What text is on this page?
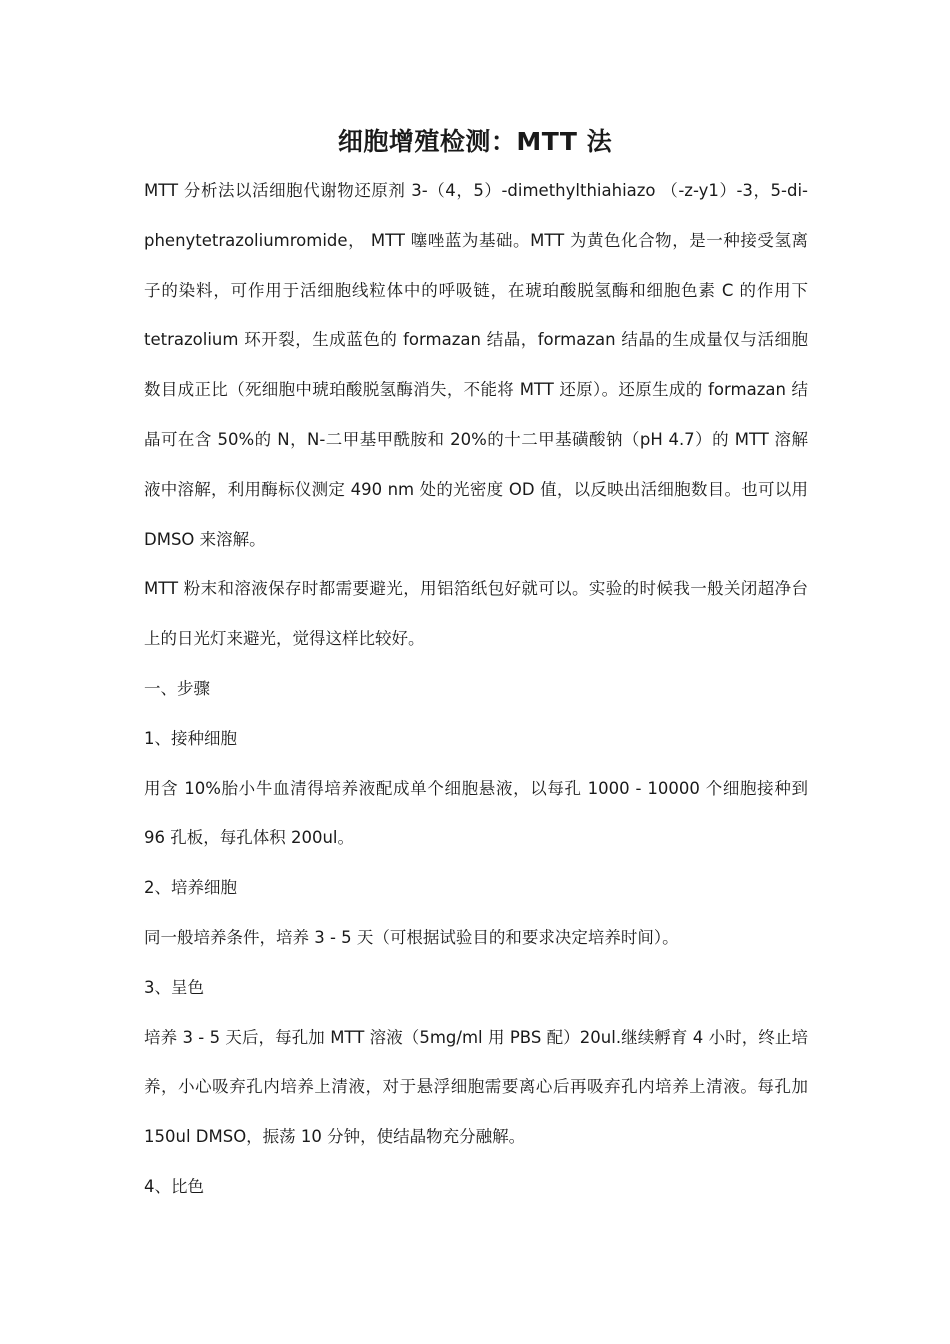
细胞增殖检测：MTT 法

MTT 分析法以活细胞代谢物还原剂 3-（4，5）-dimethylthiahiazo （-z-y1）-3，5-di-phenytetrazoliumromide， MTT 噻唑蓝为基础。MTT 为黄色化合物，是一种接受氢离子的染料，可作用于活细胞线粒体中的呼吸链，在琥珀酸脱氢酶和细胞色素 C 的作用下 tetrazolium 环开裂，生成蓝色的 formazan 结晶，formazan 结晶的生成量仅与活细胞数目成正比（死细胞中琥珀酸脱氢酶消失，不能将 MTT 还原）。还原生成的 formazan 结晶可在含 50%的 N，N-二甲基甲酰胺和 20%的十二甲基磺酸钠（pH 4.7）的 MTT 溶解液中溶解，利用酶标仪测定 490 nm 处的光密度 OD 值，以反映出活细胞数目。也可以用 DMSO 来溶解。

MTT 粉末和溶液保存时都需要避光，用铝箔纸包好就可以。实验的时候我一般关闭超净台上的日光灯来避光，觉得这样比较好。

一、步骤

1、接种细胞

用含 10%胎小牛血清得培养液配成单个细胞悬液，以每孔 1000 - 10000 个细胞接种到 96 孔板，每孔体积 200ul。

2、培养细胞

同一般培养条件，培养 3 - 5 天（可根据试验目的和要求决定培养时间）。

3、呈色

培养 3 - 5 天后，每孔加 MTT 溶液（5mg/ml 用 PBS 配）20ul.继续孵育 4 小时，终止培养，小心吸弃孔内培养上清液，对于悬浮细胞需要离心后再吸弃孔内培养上清液。每孔加 150ul DMSO，振荡 10 分钟，使结晶物充分融解。

4、比色
